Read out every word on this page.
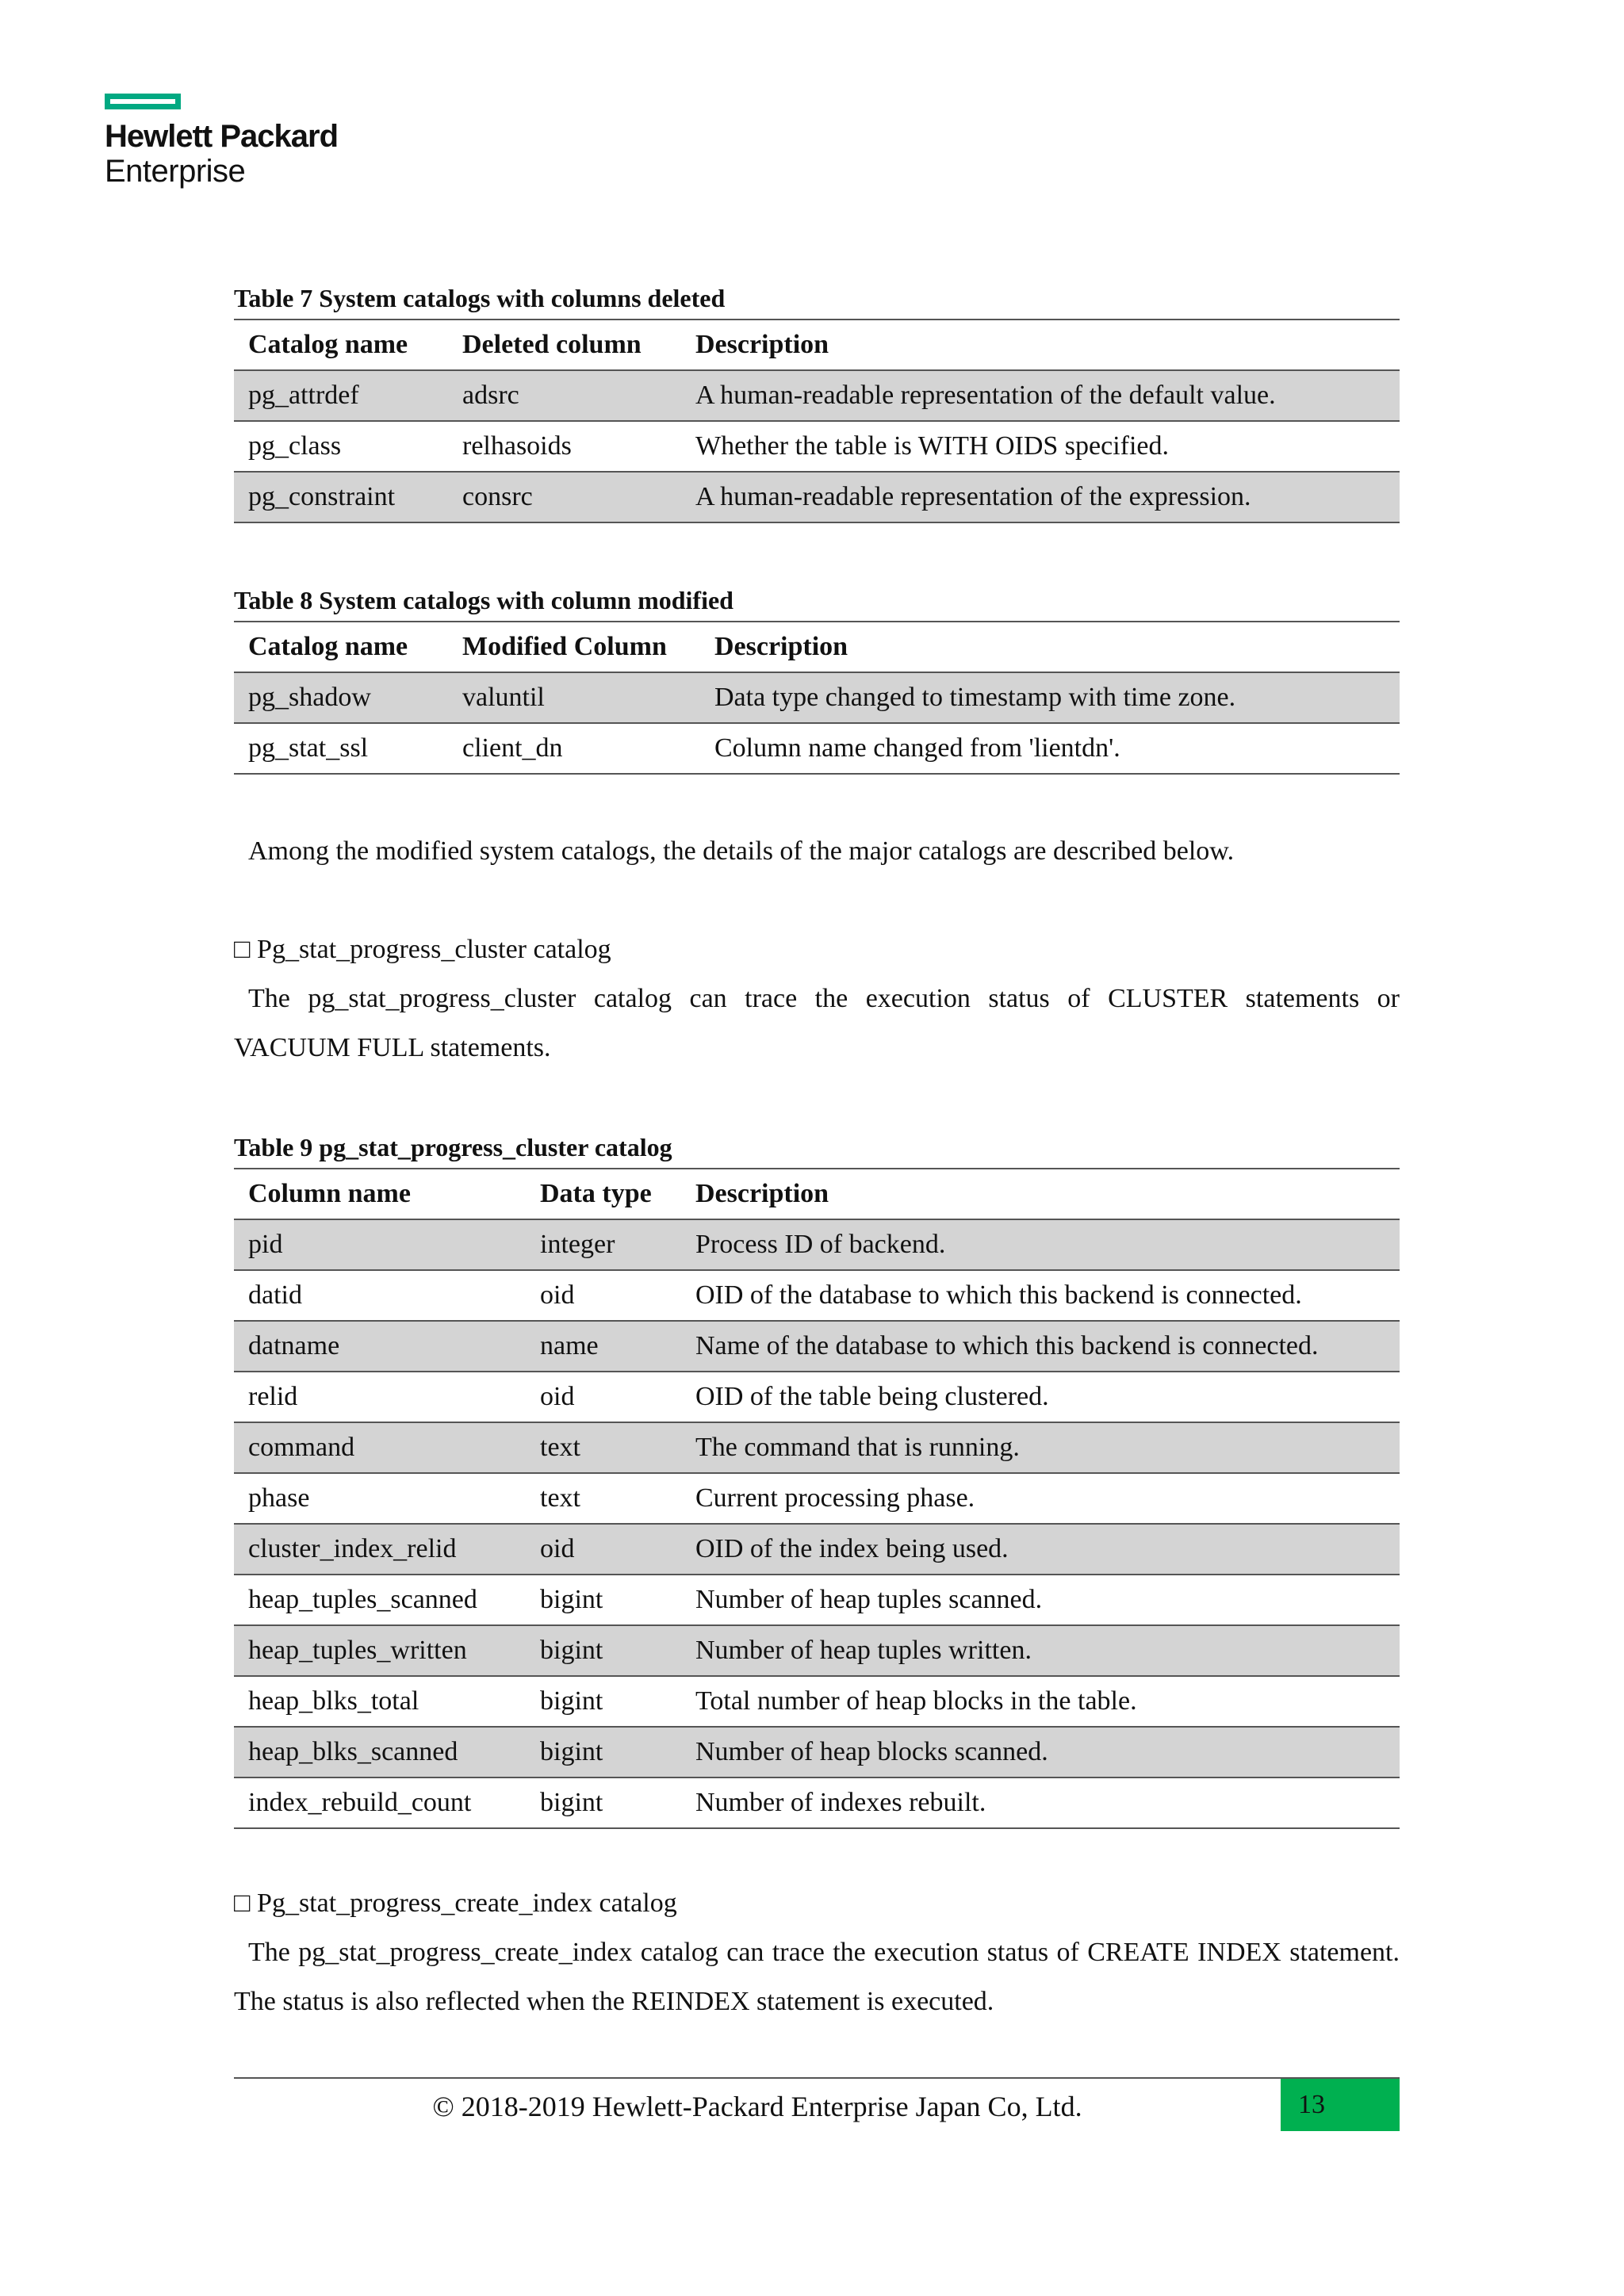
Hewlett Packard
Enterprise
Table 7 System catalogs with columns deleted
Catalog name	Deleted column	Description
pg_attrdef	adsrc	A human-readable representation of the default value.
pg_class	relhasoids	Whether the table is WITH OIDS specified.
pg_constraint	consrc	A human-readable representation of the expression.
Table 8 System catalogs with column modified
Catalog name	Modified Column	Description
pg_shadow	valuntil	Data type changed to timestamp with time zone.
pg_stat_ssl	client_dn	Column name changed from 'lientdn'.
Among the modified system catalogs, the details of the major catalogs are described below.
□ Pg_stat_progress_cluster catalog
The pg_stat_progress_cluster catalog can trace the execution status of CLUSTER statements or VACUUM FULL statements.
Table 9 pg_stat_progress_cluster catalog
Column name	Data type	Description
pid	integer	Process ID of backend.
datid	oid	OID of the database to which this backend is connected.
datname	name	Name of the database to which this backend is connected.
relid	oid	OID of the table being clustered.
command	text	The command that is running.
phase	text	Current processing phase.
cluster_index_relid	oid	OID of the index being used.
heap_tuples_scanned	bigint	Number of heap tuples scanned.
heap_tuples_written	bigint	Number of heap tuples written.
heap_blks_total	bigint	Total number of heap blocks in the table.
heap_blks_scanned	bigint	Number of heap blocks scanned.
index_rebuild_count	bigint	Number of indexes rebuilt.
□ Pg_stat_progress_create_index catalog
The pg_stat_progress_create_index catalog can trace the execution status of CREATE INDEX statement. The status is also reflected when the REINDEX statement is executed.
© 2018-2019 Hewlett-Packard Enterprise Japan Co, Ltd.	13
